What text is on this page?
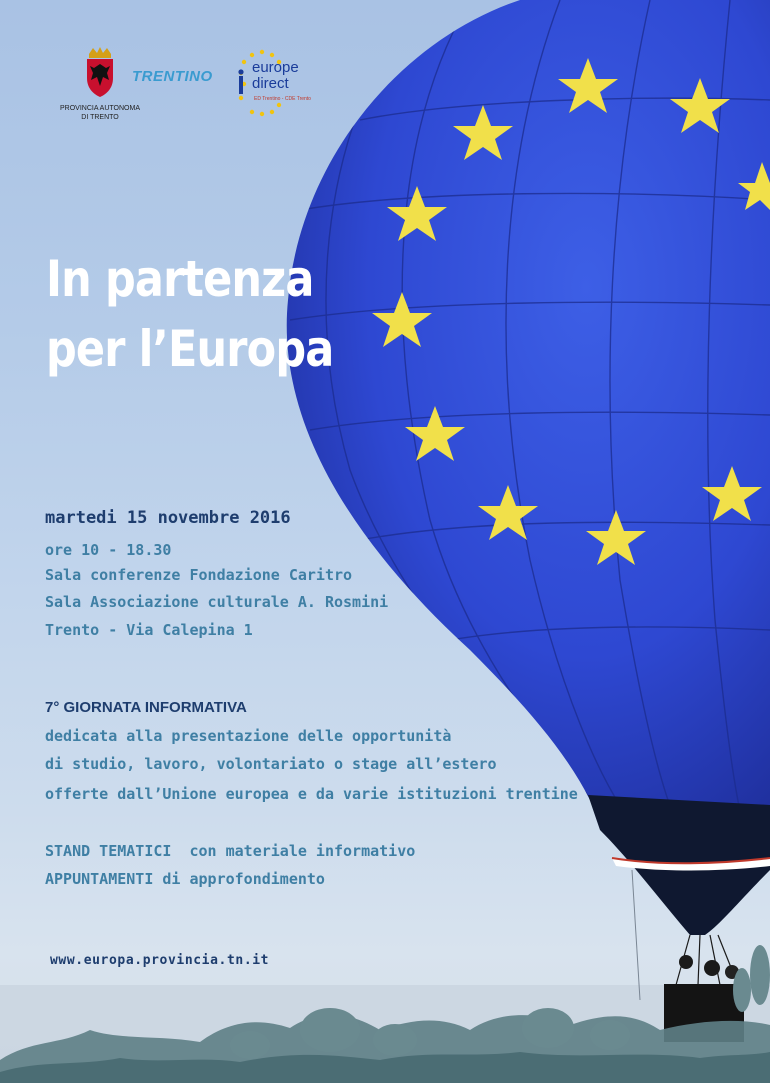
PROVINCIA AUTONOMA
DI TRENTO
TRENTINO
europe
direct
ED Trentino - CDE Trento
In partenza
per l’Europa
martedi 15 novembre 2016
ore 10 - 18.30
Sala conferenze Fondazione Caritro
Sala Associazione culturale A. Rosmini
Trento - Via Calepina 1
7° GIORNATA INFORMATIVA
dedicata alla presentazione delle opportunità
di studio, lavoro, volontariato o stage all’estero
offerte dall’Unione europea e da varie istituzioni trentine
STAND TEMATICI  con materiale informativo
APPUNTAMENTI di approfondimento
www.europa.provincia.tn.it
